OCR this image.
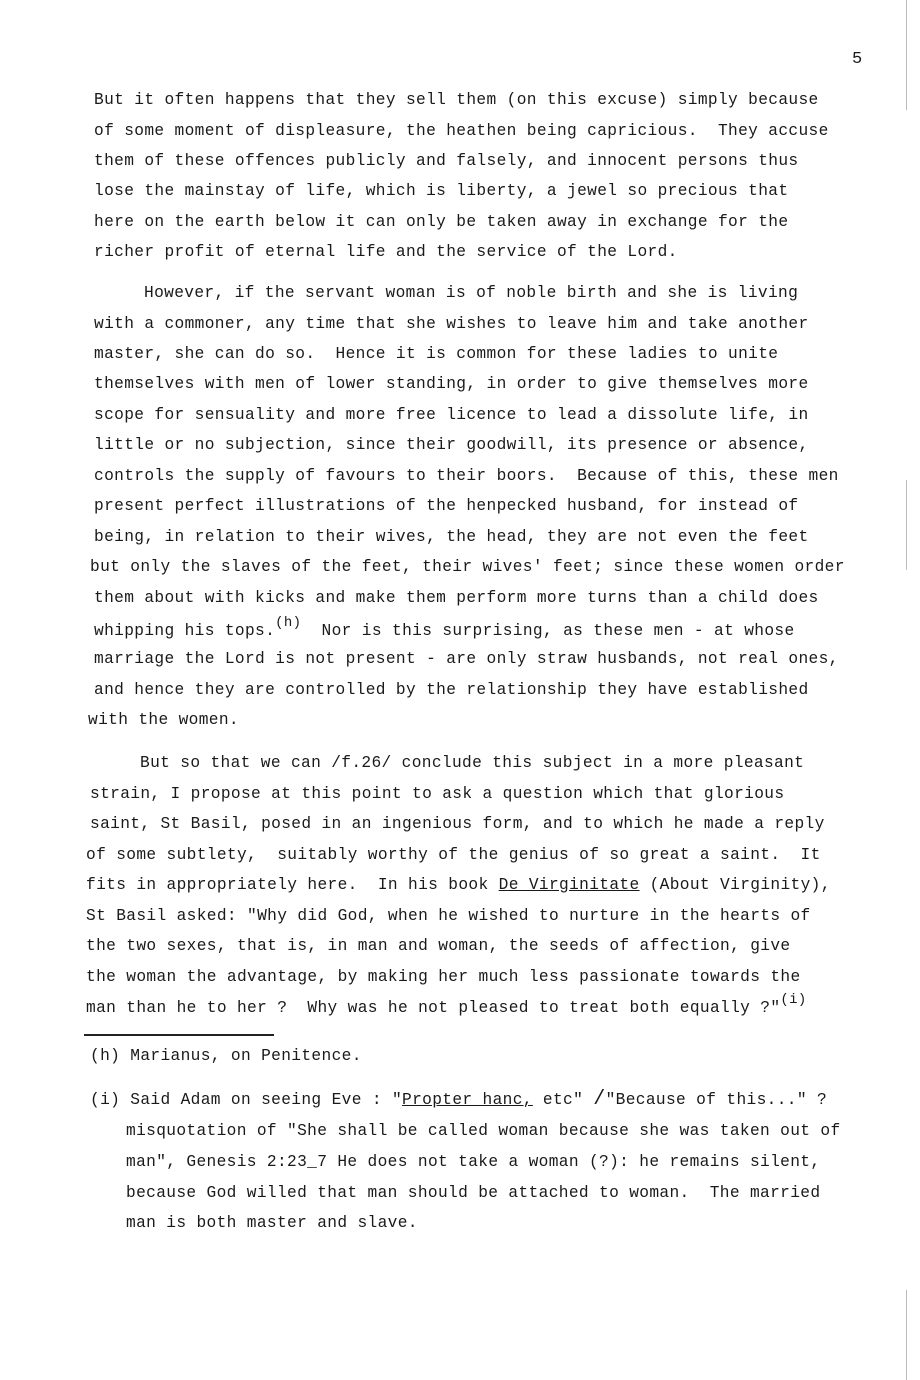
5
But it often happens that they sell them (on this excuse) simply because
of some moment of displeasure, the heathen being capricious.  They accuse
them of these offences publicly and falsely, and innocent persons thus
lose the mainstay of life, which is liberty, a jewel so precious that
here on the earth below it can only be taken away in exchange for the
richer profit of eternal life and the service of the Lord.
However, if the servant woman is of noble birth and she is living
with a commoner, any time that she wishes to leave him and take another
master, she can do so.  Hence it is common for these ladies to unite
themselves with men of lower standing, in order to give themselves more
scope for sensuality and more free licence to lead a dissolute life, in
little or no subjection, since their goodwill, its presence or absence,
controls the supply of favours to their boors.  Because of this, these men
present perfect illustrations of the henpecked husband, for instead of
being, in relation to their wives, the head, they are not even the feet
but only the slaves of the feet, their wives' feet; since these women order
them about with kicks and make them perform more turns than a child does
whipping his tops.(h)  Nor is this surprising, as these men - at whose
marriage the Lord is not present - are only straw husbands, not real ones,
and hence they are controlled by the relationship they have established
with the women.
But so that we can /f.26/ conclude this subject in a more pleasant
strain, I propose at this point to ask a question which that glorious
saint, St Basil, posed in an ingenious form, and to which he made a reply
of some subtlety,  suitably worthy of the genius of so great a saint.  It
fits in appropriately here.  In his book De Virginitate (About Virginity),
St Basil asked: "Why did God, when he wished to nurture in the hearts of
the two sexes, that is, in man and woman, the seeds of affection, give
the woman the advantage, by making her much less passionate towards the
man than he to her ?  Why was he not pleased to treat both equally ?"(i)
(h) Marianus, on Penitence.
(i) Said Adam on seeing Eve : "Propter hanc, etc" /"Because of this..." ?
misquotation of "She shall be called woman because she was taken out of
man", Genesis 2:23_7 He does not take a woman (?): he remains silent,
because God willed that man should be attached to woman.  The married
man is both master and slave.
